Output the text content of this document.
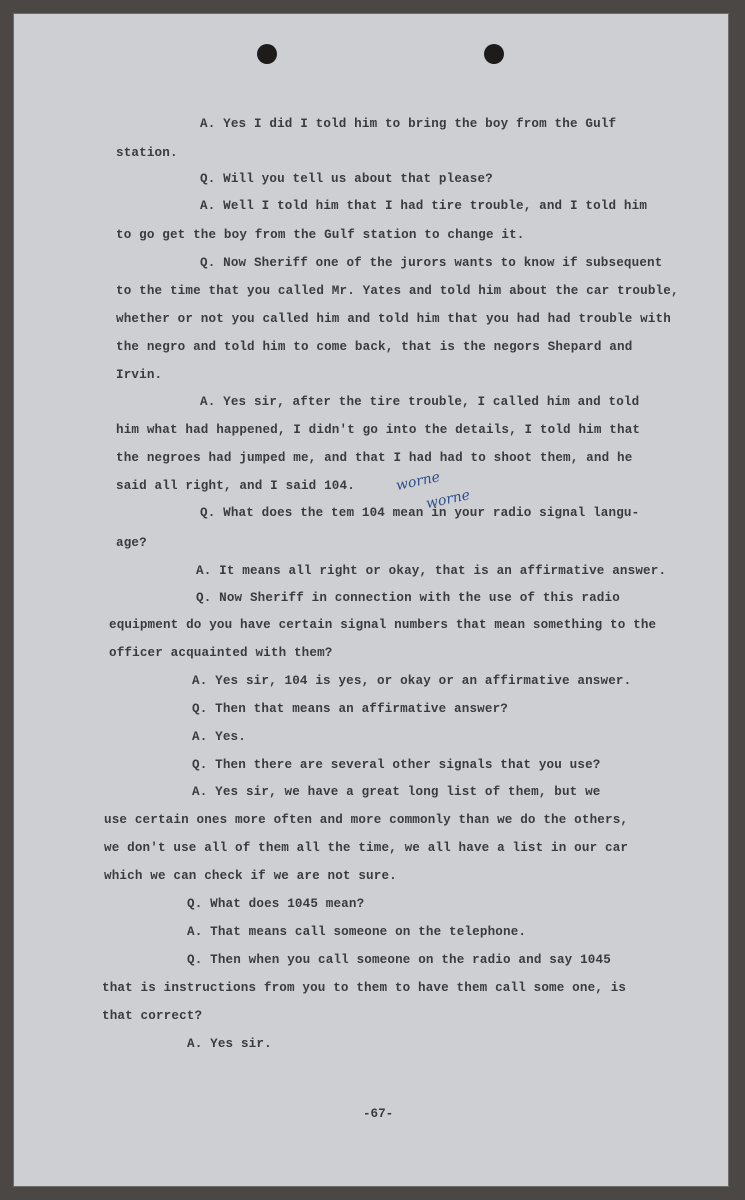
A. Yes I did I told him to bring the boy from the Gulf

station.

Q. Will you tell us about that please?

A. Well I told him that I had tire trouble, and I told him

to go get the boy from the Gulf station to change it.

Q. Now Sheriff one of the jurors wants to know if subsequent

to the time that you called Mr. Yates and told him about the car trouble,

whether or not you called him and told him that you had had trouble with

the negro and told him to come back, that is the negors Shepard and

Irvin.

A. Yes sir, after the tire trouble, I called him and told

him what had happened, I didn't go into the details, I told him that

the negroes had jumped me, and that I had had to shoot them, and he

said all right, and I said 104.

Q. What does the tem 104 mean in your radio signal langu-

age?

A. It means all right or okay, that is an affirmative answer.

Q. Now Sheriff in connection with the use of this radio

equipment do you have certain signal numbers that mean something to the

officer acquainted with them?

A. Yes sir, 104 is yes, or okay or an affirmative answer.

Q. Then that means an affirmative answer?

A. Yes.

Q. Then there are several other signals that you use?

A. Yes sir, we have a great long list of them, but we

use certain ones more often and more commonly than we do the others,

we don't use all of them all the time, we all have a list in our car

which we can check if we are not sure.

Q. What does 1045 mean?

A. That means call someone on the telephone.

Q. Then when you call someone on the radio and say 1045

that is instructions from you to them to have them call some one, is

that correct?

A. Yes sir.

worne
worne
-67-
